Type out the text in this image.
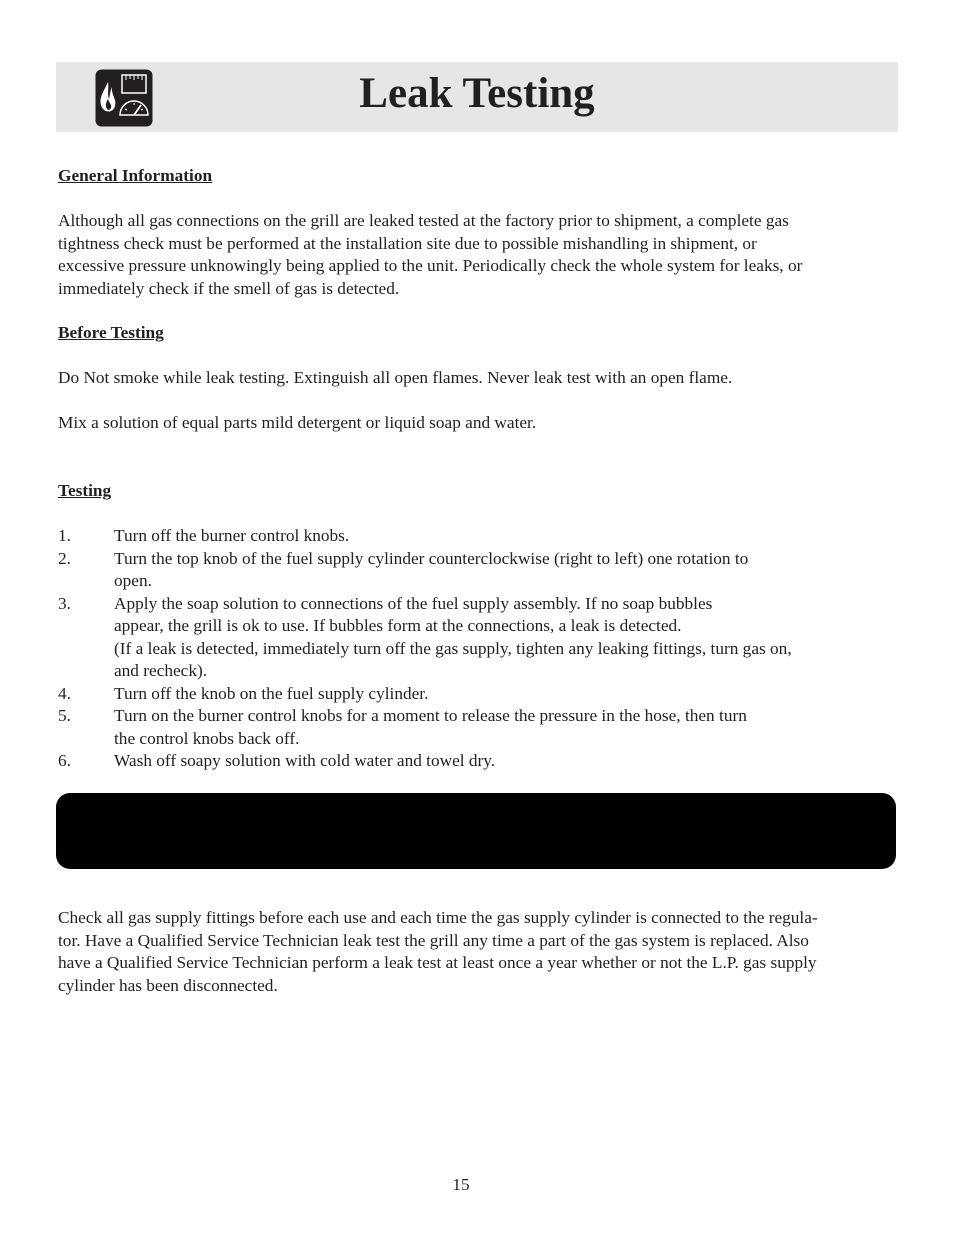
Leak Testing

General Information

Although all gas connections on the grill are leaked tested at the factory prior to shipment, a complete gas
tightness check must be performed at the installation site due to possible mishandling in shipment, or
excessive pressure unknowingly being applied to the unit. Periodically check the whole system for leaks, or
immediately check if the smell of gas is detected.

Before Testing

Do Not smoke while leak testing. Extinguish all open flames. Never leak test with an open flame.

Mix a solution of equal parts mild detergent or liquid soap and water.

Testing

1.	Turn off the burner control knobs.
2.	Turn the top knob of the fuel supply cylinder counterclockwise (right to left) one rotation to
open.
3.	Apply the soap solution to connections of the fuel supply assembly. If no soap bubbles
appear, the grill is ok to use. If bubbles form at the connections, a leak is detected.
(If a leak is detected, immediately turn off the gas supply, tighten any leaking fittings, turn gas on,
and recheck).
4.	Turn off the knob on the fuel supply cylinder.
5.	Turn on the burner control knobs for a moment to release the pressure in the hose, then turn
the control knobs back off.
6.	Wash off soapy solution with cold water and towel dry.

Check all gas supply fittings before each use and each time the gas supply cylinder is connected to the regula-
tor. Have a Qualified Service Technician leak test the grill any time a part of the gas system is replaced. Also
have a Qualified Service Technician perform a leak test at least once a year whether or not the L.P. gas supply
cylinder has been disconnected.

15
